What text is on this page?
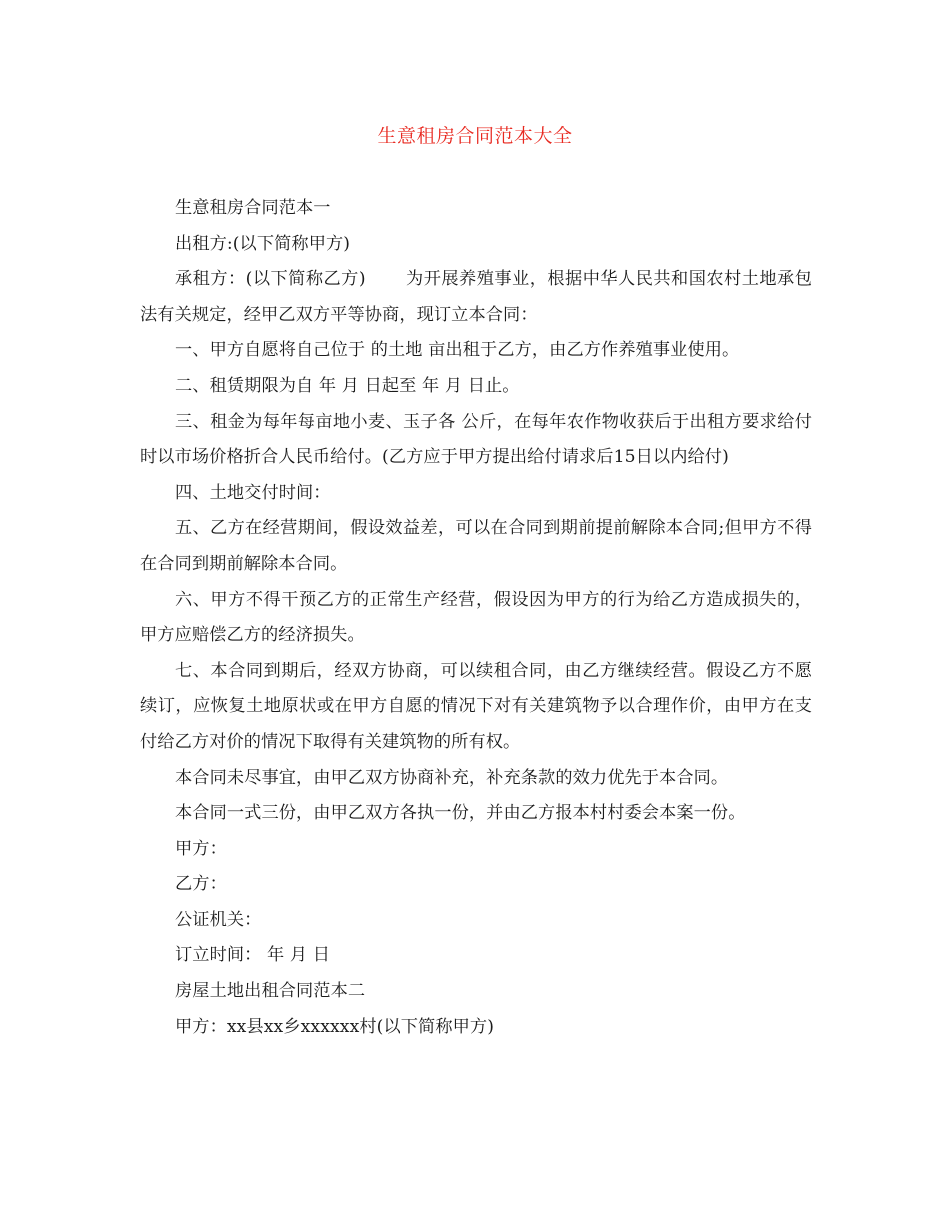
生意租房合同范本大全

生意租房合同范本一

出租方:(以下简称甲方)

承租方：(以下简称乙方) 为开展养殖事业，根据中华人民共和国农村土地承包法有关规定，经甲乙双方平等协商，现订立本合同：

一、甲方自愿将自己位于 的土地 亩出租于乙方，由乙方作养殖事业使用。

二、租赁期限为自 年 月 日起至 年 月 日止。

三、租金为每年每亩地小麦、玉子各 公斤，在每年农作物收获后于出租方要求给付时以市场价格折合人民币给付。(乙方应于甲方提出给付请求后15日以内给付)

四、土地交付时间：

五、乙方在经营期间，假设效益差，可以在合同到期前提前解除本合同;但甲方不得在合同到期前解除本合同。

六、甲方不得干预乙方的正常生产经营，假设因为甲方的行为给乙方造成损失的，甲方应赔偿乙方的经济损失。

七、本合同到期后，经双方协商，可以续租合同，由乙方继续经营。假设乙方不愿续订，应恢复土地原状或在甲方自愿的情况下对有关建筑物予以合理作价，由甲方在支付给乙方对价的情况下取得有关建筑物的所有权。

本合同未尽事宜，由甲乙双方协商补充，补充条款的效力优先于本合同。

本合同一式三份，由甲乙双方各执一份，并由乙方报本村村委会本案一份。

甲方：

乙方：

公证机关：

订立时间： 年 月 日

房屋土地出租合同范本二

甲方：xx县xx乡xxxxxx村(以下简称甲方)
